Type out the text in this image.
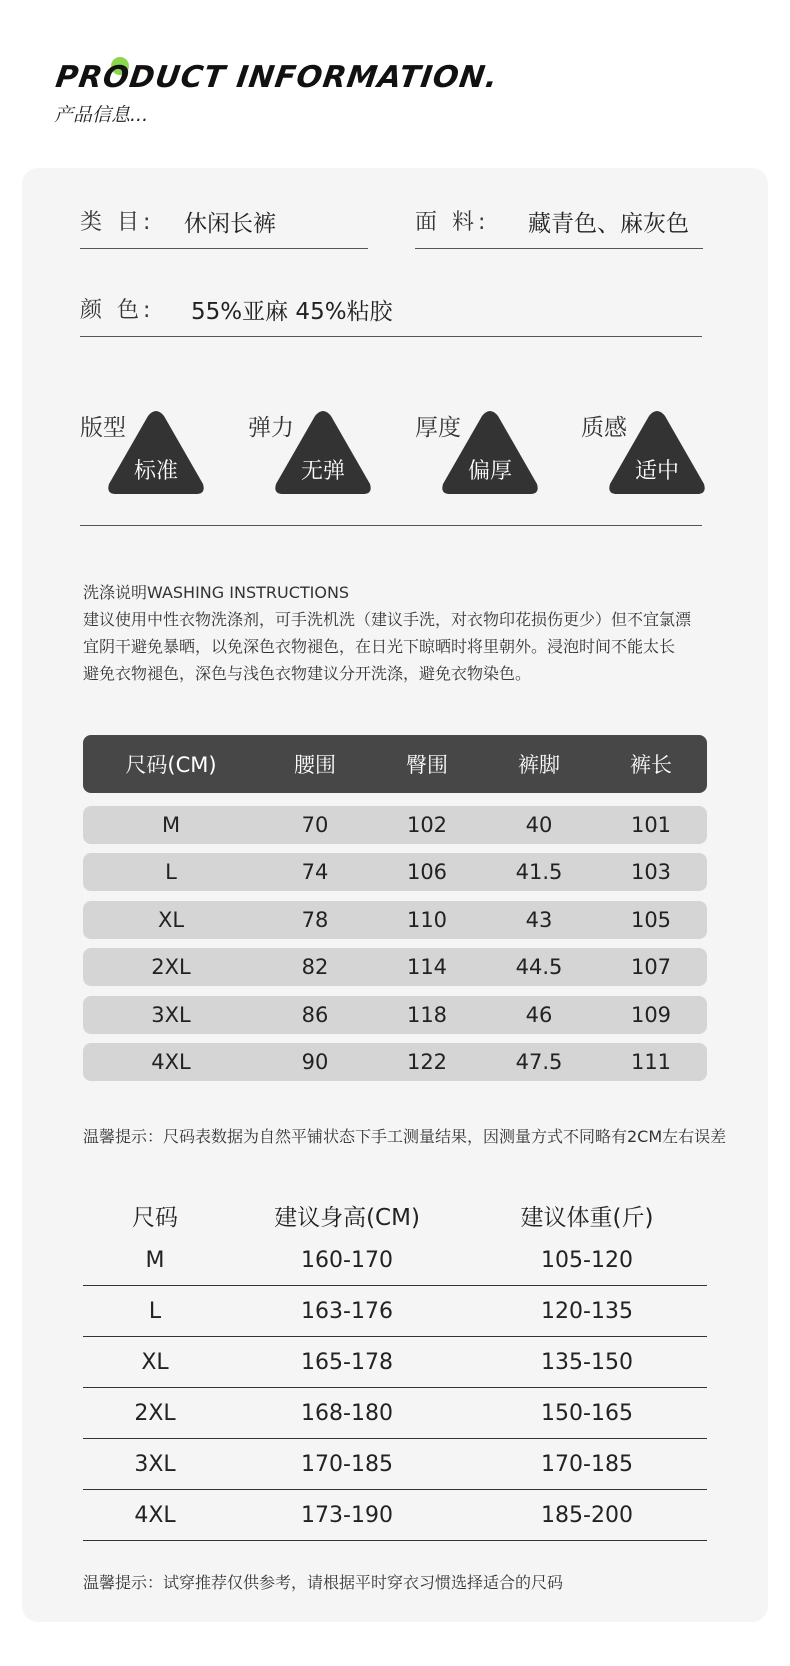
PRODUCT INFORMATION.
产品信息...
类 目: 休闲长裤	面 料: 藏青色、麻灰色
颜 色: 55%亚麻 45%粘胶
版型
标准
弹力
无弹
厚度
偏厚
质感
适中
洗涤说明WASHING INSTRUCTIONS
建议使用中性衣物洗涤剂，可手洗机洗（建议手洗，对衣物印花损伤更少）但不宜氯漂
宜阴干避免暴晒，以免深色衣物褪色，在日光下晾晒时将里朝外。浸泡时间不能太长
避免衣物褪色，深色与浅色衣物建议分开洗涤，避免衣物染色。
尺码(CM)	腰围	臀围	裤脚	裤长
M	70	102	40	101
L	74	106	41.5	103
XL	78	110	43	105
2XL	82	114	44.5	107
3XL	86	118	46	109
4XL	90	122	47.5	111
温馨提示：尺码表数据为自然平铺状态下手工测量结果，因测量方式不同略有2CM左右误差
尺码	建议身高(CM)	建议体重(斤)
M	160-170	105-120
L	163-176	120-135
XL	165-178	135-150
2XL	168-180	150-165
3XL	170-185	170-185
4XL	173-190	185-200
温馨提示：试穿推荐仅供参考，请根据平时穿衣习惯选择适合的尺码
